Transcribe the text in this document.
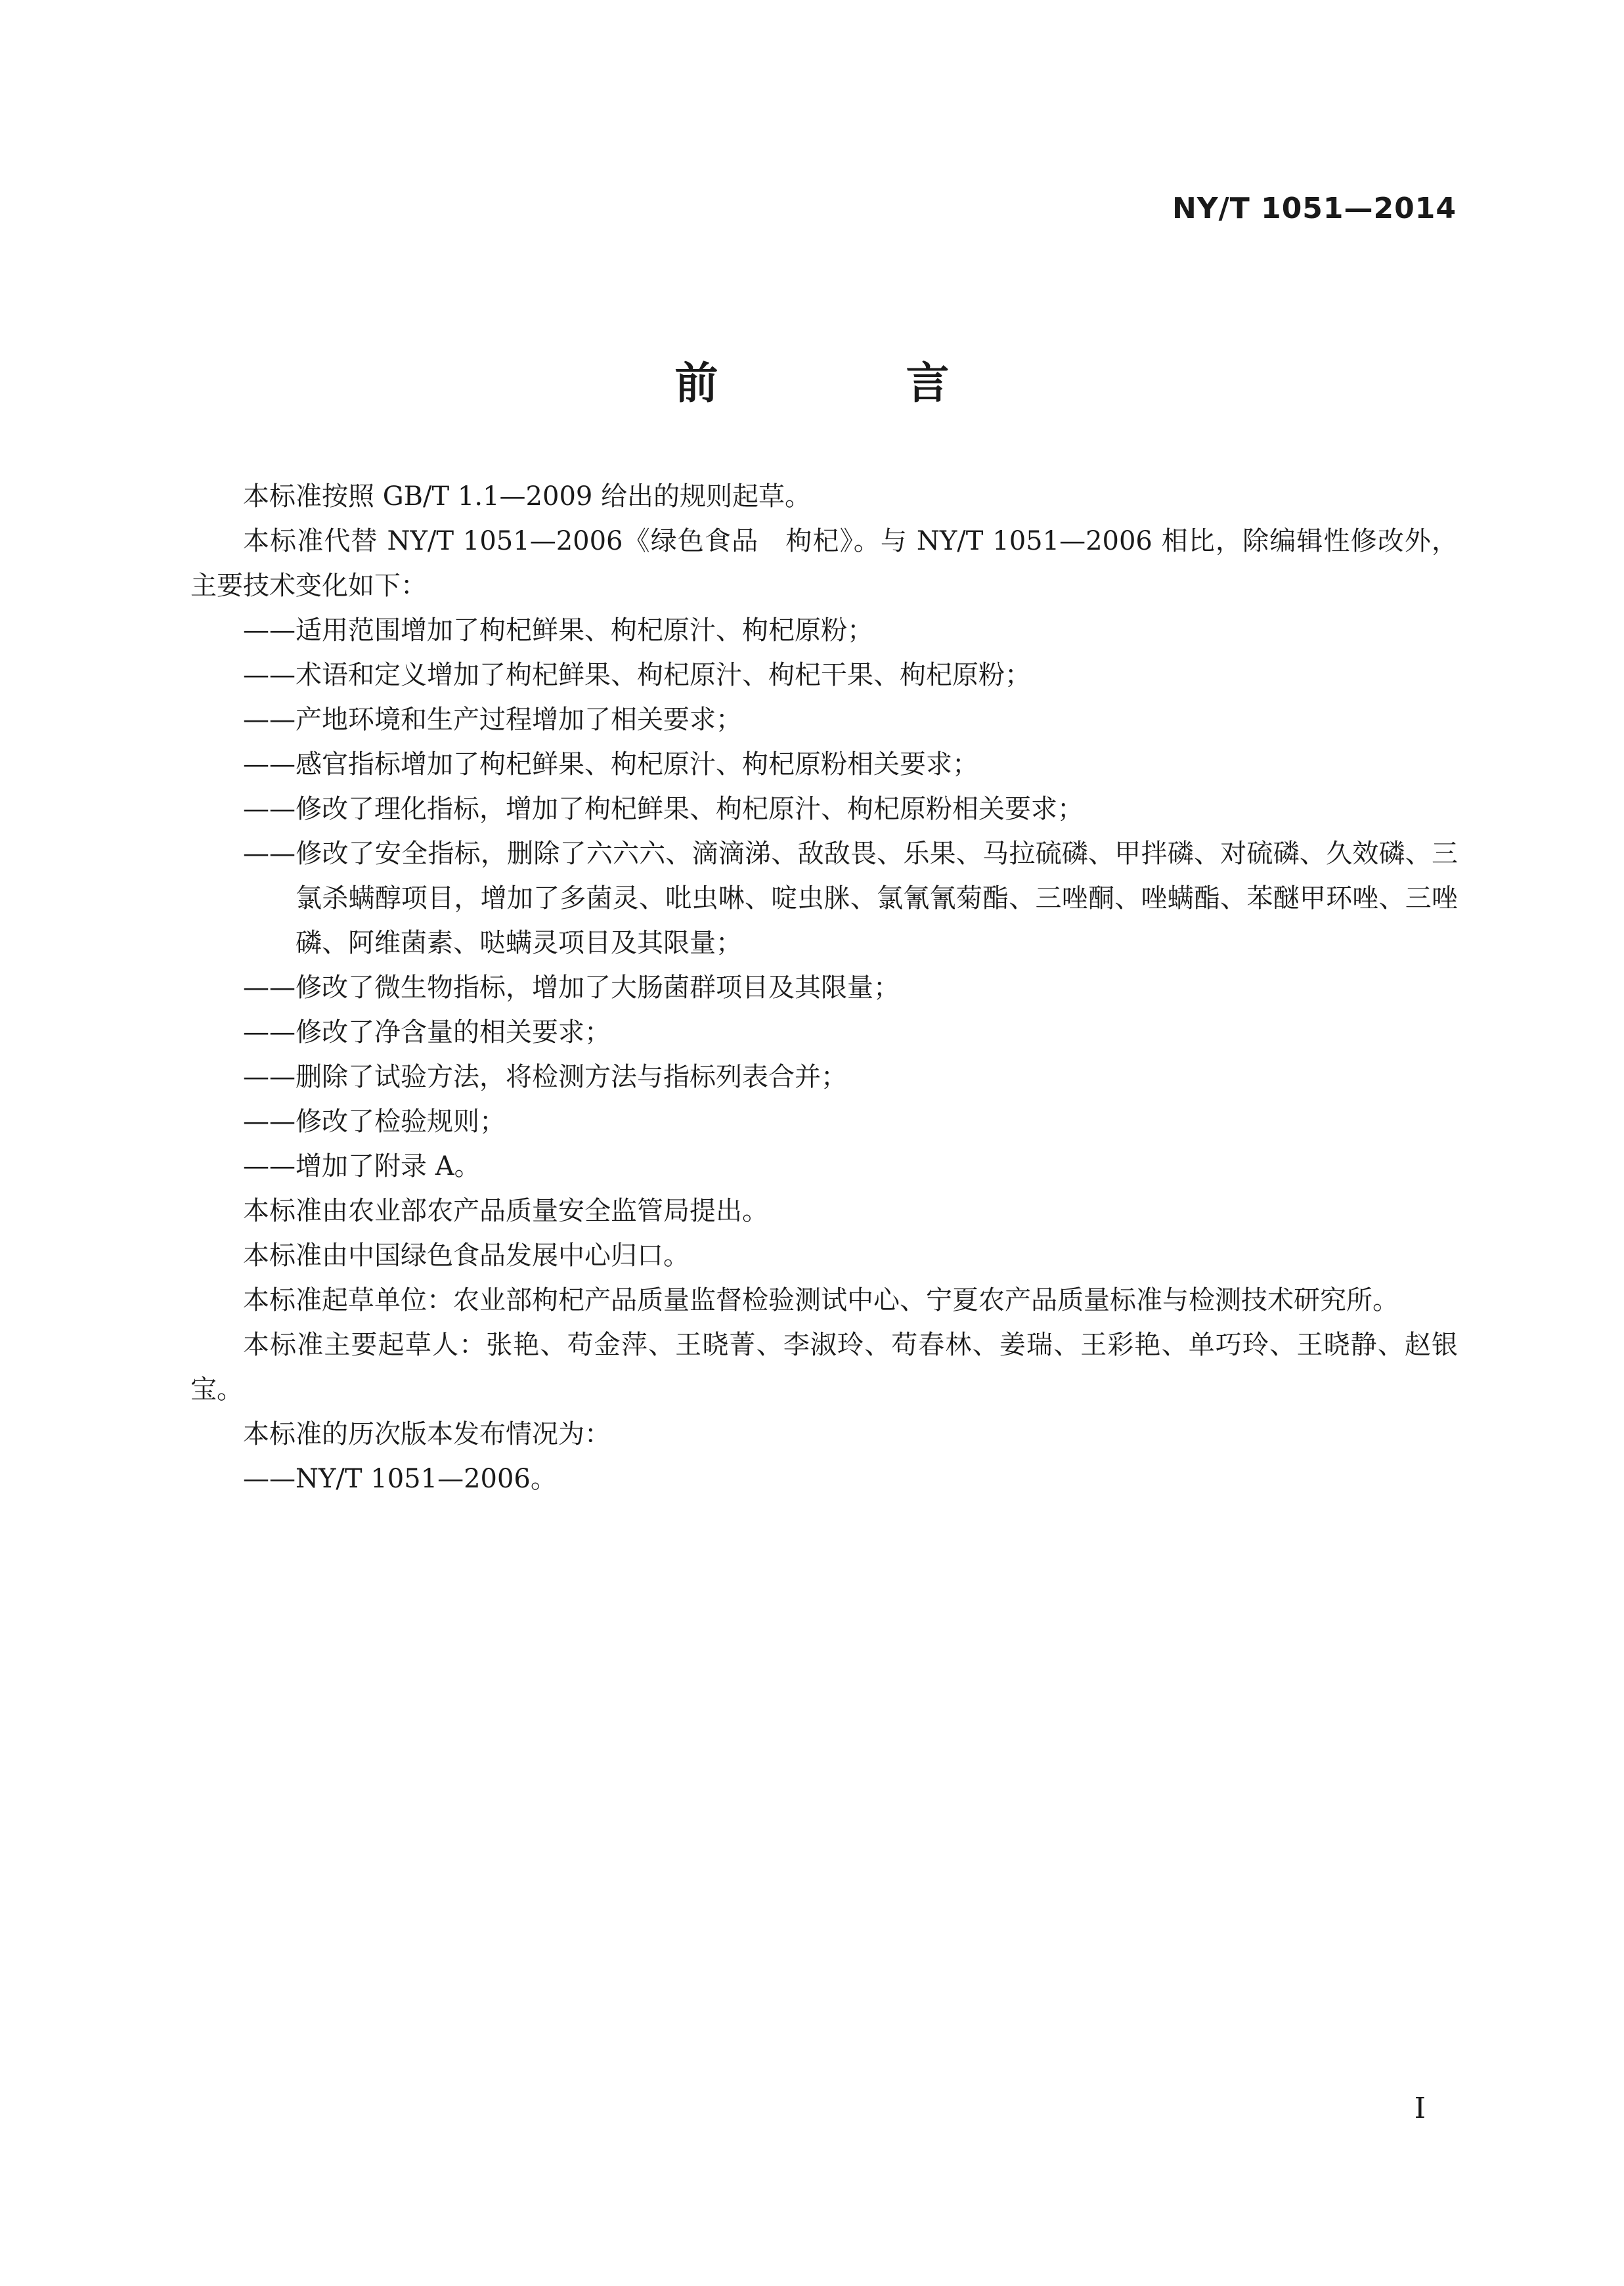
NY/T 1051—2014
前　言

本标准按照 GB/T 1.1—2009 给出的规则起草。

本标准代替 NY/T 1051—2006《绿色食品　枸杞》。与 NY/T 1051—2006 相比，除编辑性修改外，主要技术变化如下：

——适用范围增加了枸杞鲜果、枸杞原汁、枸杞原粉；

——术语和定义增加了枸杞鲜果、枸杞原汁、枸杞干果、枸杞原粉；

——产地环境和生产过程增加了相关要求；

——感官指标增加了枸杞鲜果、枸杞原汁、枸杞原粉相关要求；

——修改了理化指标，增加了枸杞鲜果、枸杞原汁、枸杞原粉相关要求；

——修改了安全指标，删除了六六六、滴滴涕、敌敌畏、乐果、马拉硫磷、甲拌磷、对硫磷、久效磷、三氯杀螨醇项目，增加了多菌灵、吡虫啉、啶虫脒、氯氰氰菊酯、三唑酮、唑螨酯、苯醚甲环唑、三唑磷、阿维菌素、哒螨灵项目及其限量；

——修改了微生物指标，增加了大肠菌群项目及其限量；

——修改了净含量的相关要求；

——删除了试验方法，将检测方法与指标列表合并；

——修改了检验规则；

——增加了附录 A。

本标准由农业部农产品质量安全监管局提出。

本标准由中国绿色食品发展中心归口。

本标准起草单位：农业部枸杞产品质量监督检验测试中心、宁夏农产品质量标准与检测技术研究所。

本标准主要起草人：张艳、苟金萍、王晓菁、李淑玲、苟春林、姜瑞、王彩艳、单巧玲、王晓静、赵银宝。

本标准的历次版本发布情况为：

——NY/T 1051—2006。

I
